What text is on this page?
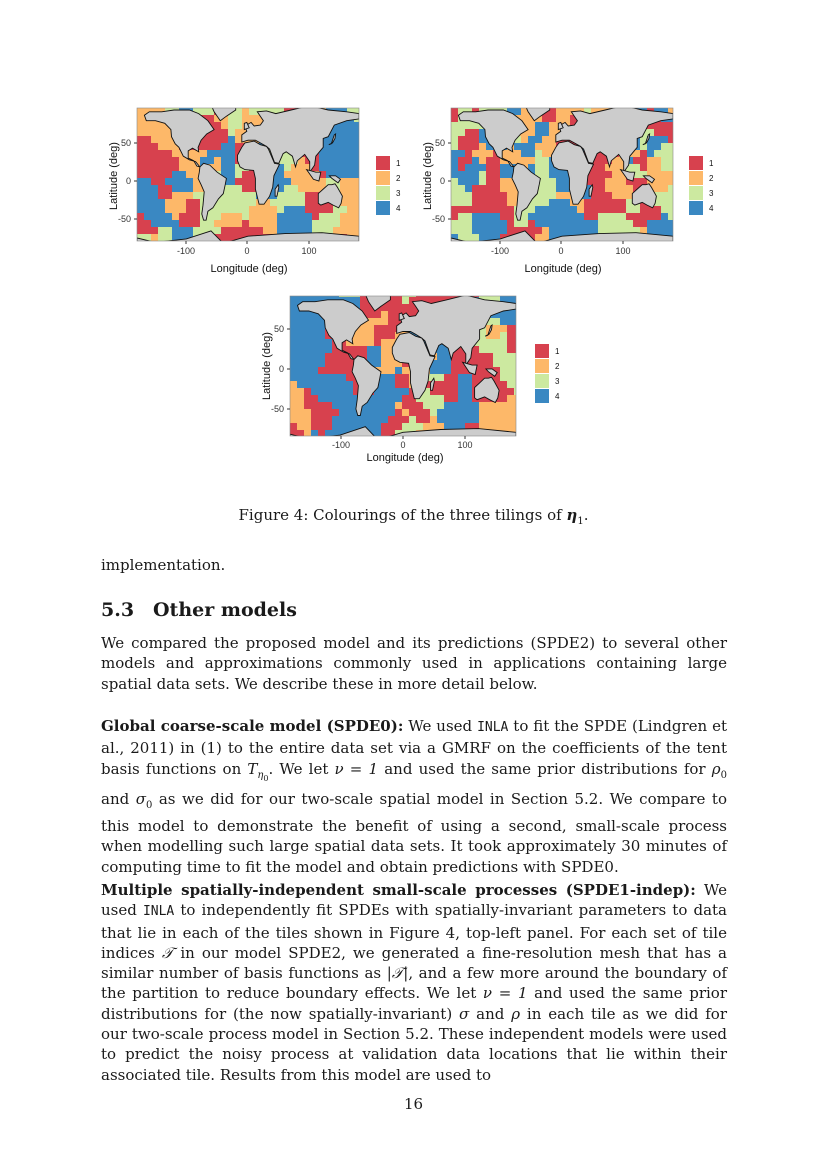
50
0
-50
-100	0	100
Longitude (deg)
Latitude (deg)	1
2
3
4
50
0
-50
-100	0	100
Longitude (deg)
Latitude (deg)	1
2
3
4
50
0
-50
-100	0	100
Longitude (deg)
Latitude (deg)	1
2
3
4
Figure 4: Colourings of the three tilings of $\eta_1$.
implementation.
5.3 Other models
We compared the proposed model and its predictions (SPDE2) to several other models and approximations commonly used in applications containing large spatial data sets. We describe these in more detail below.
Global coarse-scale model (SPDE0): We used INLA to fit the SPDE (Lindgren et al., 2011) in (1) to the entire data set via a GMRF on the coefficients of the tent basis functions on $T_{\eta_0}$. We let ν = 1 and used the same prior distributions for $\rho_0$ and $\sigma_0$ as we did for our two-scale spatial model in Section 5.2. We compare to this model to demonstrate the benefit of using a second, small-scale process when modelling such large spatial data sets. It took approximately 30 minutes of computing time to fit the model and obtain predictions with SPDE0.
Multiple spatially-independent small-scale processes (SPDE1-indep): We used INLA to independently fit SPDEs with spatially-invariant parameters to data that lie in each of the tiles shown in Figure 4, top-left panel. For each set of tile indices 𝒯 in our model SPDE2, we generated a fine-resolution mesh that has a similar number of basis functions as |𝒯|, and a few more around the boundary of the partition to reduce boundary effects. We let ν = 1 and used the same prior distributions for (the now spatially-invariant) σ and ρ in each tile as we did for our two-scale process model in Section 5.2. These independent models were used to predict the noisy process at validation data locations that lie within their associated tile. Results from this model are used to
16
